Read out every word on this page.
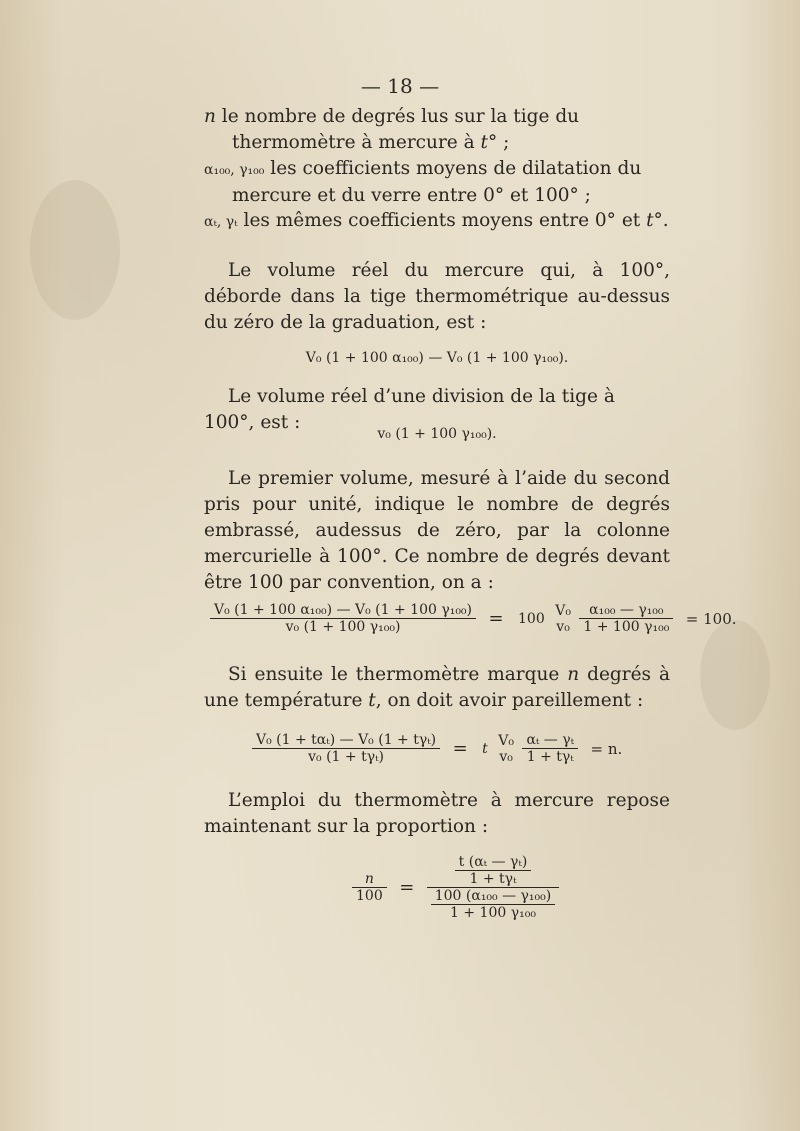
— 18 —
n le nombre de degrés lus sur la tige du thermomètre à mercure à t° ;
α₁₀₀, γ₁₀₀ les coefficients moyens de dilatation du mercure et du verre entre 0° et 100° ;
αₜ, γₜ les mêmes coefficients moyens entre 0° et t°.
Le volume réel du mercure qui, à 100°, déborde dans la tige thermométrique au-dessus du zéro de la graduation, est :
V₀ (1 + 100 α₁₀₀) — V₀ (1 + 100 γ₁₀₀).
Le volume réel d’une division de la tige à 100°, est :
v₀ (1 + 100 γ₁₀₀).
Le premier volume, mesuré à l’aide du second pris pour unité, indique le nombre de degrés embrassé, audessus de zéro, par la colonne mercurielle à 100°. Ce nombre de degrés devant être 100 par convention, on a :
$\frac{\text{V₀ (1 + 100 α₁₀₀) — V₀ (1 + 100 γ₁₀₀)}}{\text{v₀ (1 + 100 γ₁₀₀)}} = 100$ V₀
v₀
$\frac{\text{α₁₀₀ — γ₁₀₀}}{\text{1 + 100 γ₁₀₀}} = 100$.
Si ensuite le thermomètre marque n degrés à une température t, on doit avoir pareillement :
$\frac{\text{V₀ (1 + tαₜ) — V₀ (1 + tγₜ)}}{\text{v₀ (1 + tγₜ)}} = t$ V₀
v₀
$\frac{\text{αₜ — γₜ}}{\text{1 + tγₜ}} = n$.
L’emploi du thermomètre à mercure repose maintenant sur la proportion :
$\frac{n}{100} = \frac{\frac{\text{t (αₜ — γₜ)}}{\text{1 + tγₜ}}}{\frac{\text{100 (α₁₀₀ — γ₁₀₀)}}{\text{1 + 100 γ₁₀₀}}}$
